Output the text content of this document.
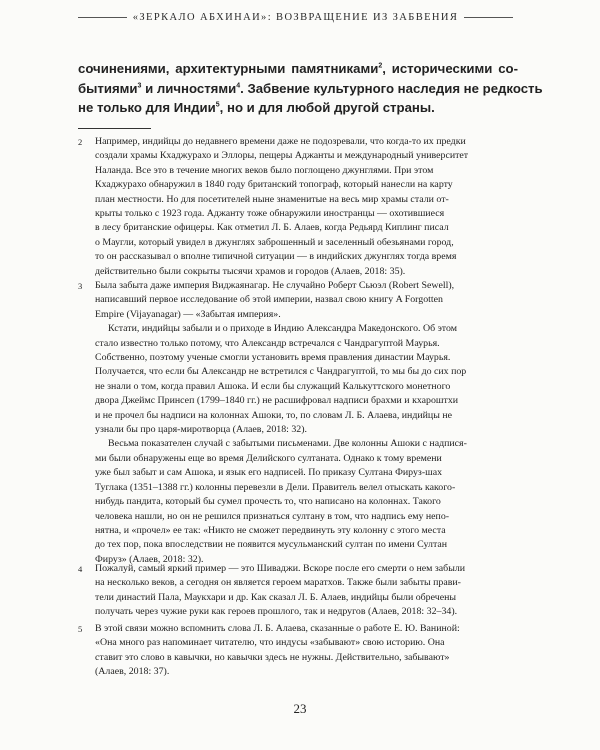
«ЗЕРКАЛО АБХИНАИ»: ВОЗВРАЩЕНИЕ ИЗ ЗАБВЕНИЯ
сочинениями, архитектурными памятниками$^2$, историческими со-
бытиями$^3$ и личностями$^4$. Забвение культурного наследия не редкость
не только для Индии$^5$, но и для любой другой страны.
2 Например, индийцы до недавнего времени даже не подозревали, что когда-то их предки
создали храмы Кхаджурахо и Эллоры, пещеры Аджанты и международный университет
Наланда. Все это в течение многих веков было поглощено джунглями. При этом
Кхаджурахо обнаружил в 1840 году британский топограф, который нанесли на карту
план местности. Но для посетителей ныне знаменитые на весь мир храмы стали от-
крыты только с 1923 года. Аджанту тоже обнаружили иностранцы — охотившиеся
в лесу британские офицеры. Как отметил Л. Б. Алаев, когда Редьярд Киплинг писал
о Маугли, который увидел в джунглях заброшенный и заселенный обезьянами город,
то он рассказывал о вполне типичной ситуации — в индийских джунглях тогда время
действительно были сокрыты тысячи храмов и городов (Алаев, 2018: 35).
3 Была забыта даже империя Виджаянагар. Не случайно Роберт Сьюэл (Robert Sewell),
написавший первое исследование об этой империи, назвал свою книгу A Forgotten
Empire (Vijayanagar) — «Забытая империя».
Кстати, индийцы забыли и о приходе в Индию Александра Македонского. Об этом
стало известно только потому, что Александр встречался с Чандрагуптой Маурья.
Собственно, поэтому ученые смогли установить время правления династии Маурья.
Получается, что если бы Александр не встретился с Чандрагуптой, то мы бы до сих пор
не знали о том, когда правил Ашока. И если бы служащий Калькуттского монетного
двора Джеймс Принсеп (1799–1840 гг.) не расшифровал надписи брахми и кхароштхи
и не прочел бы надписи на колоннах Ашоки, то, по словам Л. Б. Алаева, индийцы не
узнали бы про царя-миротворца (Алаев, 2018: 32).
Весьма показателен случай с забытыми письменами. Две колонны Ашоки с надпися-
ми были обнаружены еще во время Делийского султаната. Однако к тому времени
уже был забыт и сам Ашока, и язык его надписей. По приказу Султана Фируз-шах
Туглака (1351–1388 гг.) колонны перевезли в Дели. Правитель велел отыскать какого-
нибудь пандита, который бы сумел прочесть то, что написано на колоннах. Такого
человека нашли, но он не решился признаться султану в том, что надпись ему непо-
нятна, и «прочел» ее так: «Никто не сможет передвинуть эту колонну с этого места
до тех пор, пока впоследствии не появится мусульманский султан по имени Султан
Фируз» (Алаев, 2018: 32).
4 Пожалуй, самый яркий пример — это Шиваджи. Вскоре после его смерти о нем забыли
на несколько веков, а сегодня он является героем маратхов. Также были забыты прави-
тели династий Пала, Маукхари и др. Как сказал Л. Б. Алаев, индийцы были обречены
получать через чужие руки как героев прошлого, так и недругов (Алаев, 2018: 32–34).
5 В этой связи можно вспомнить слова Л. Б. Алаева, сказанные о работе Е. Ю. Ваниной:
«Она много раз напоминает читателю, что индусы «забывают» свою историю. Она
ставит это слово в кавычки, но кавычки здесь не нужны. Действительно, забывают»
(Алаев, 2018: 37).
23
